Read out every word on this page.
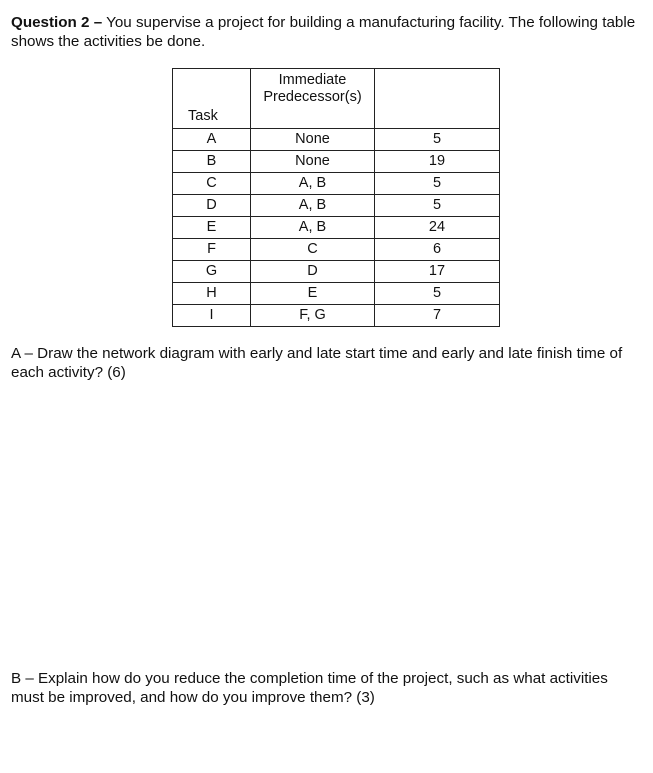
Question 2 – You supervise a project for building a manufacturing facility. The following table shows the activities be done.

Task	Immediate Predecessor(s)	
A	None	5
B	None	19
C	A, B	5
D	A, B	5
E	A, B	24
F	C	6
G	D	17
H	E	5
I	F, G	7

A – Draw the network diagram with early and late start time and early and late finish time of each activity? (6)

B – Explain how do you reduce the completion time of the project, such as what activities must be improved, and how do you improve them? (3)
